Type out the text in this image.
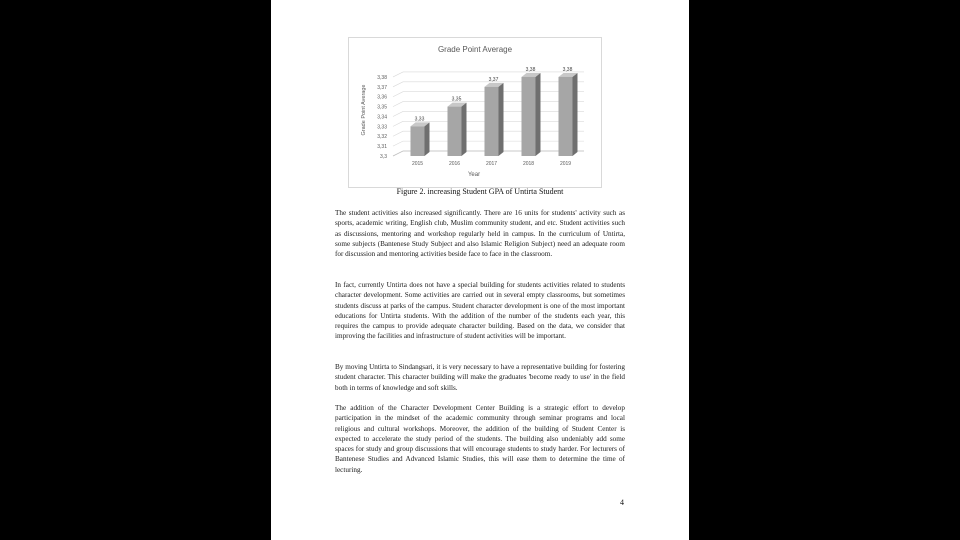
Grade Point Average
Grade Point Average
Year
3,3
3,31
3,32
3,33
3,34
3,35
3,36
3,37
3,38
3,33
3,35
3,37
3,38	3,38
2015	2016	2017	2018	2019
Figure 2. increasing Student GPA of Untirta Student

The student activities also increased significantly. There are 16 units for students' activity such as sports, academic writing, English club, Muslim community student, and etc. Student activities such as discussions, mentoring and workshop regularly held in campus. In the curriculum of Untirta, some subjects (Bantenese Study Subject and also Islamic Religion Subject) need an adequate room for discussion and mentoring activities beside face to face in the classroom.

In fact, currently Untirta does not have a special building for students activities related to students character development. Some activities are carried out in several empty classrooms, but sometimes students discuss at parks of the campus. Student character development is one of the most important educations for Untirta students. With the addition of the number of the students each year, this requires the campus to provide adequate character building. Based on the data, we consider that improving the facilities and infrastructure of student activities will be important.

By moving Untirta to Sindangsari, it is very necessary to have a representative building for fostering student character. This character building will make the graduates 'become ready to use' in the field both in terms of knowledge and soft skills.

The addition of the Character Development Center Building is a strategic effort to develop participation in the mindset of the academic community through seminar programs and local religious and cultural workshops. Moreover, the addition of the building of Student Center is expected to accelerate the study period of the students. The building also undeniably add some spaces for study and group discussions that will encourage students to study harder. For lecturers of Bantenese Studies and Advanced Islamic Studies, this will ease them to determine the time of lecturing.

4
